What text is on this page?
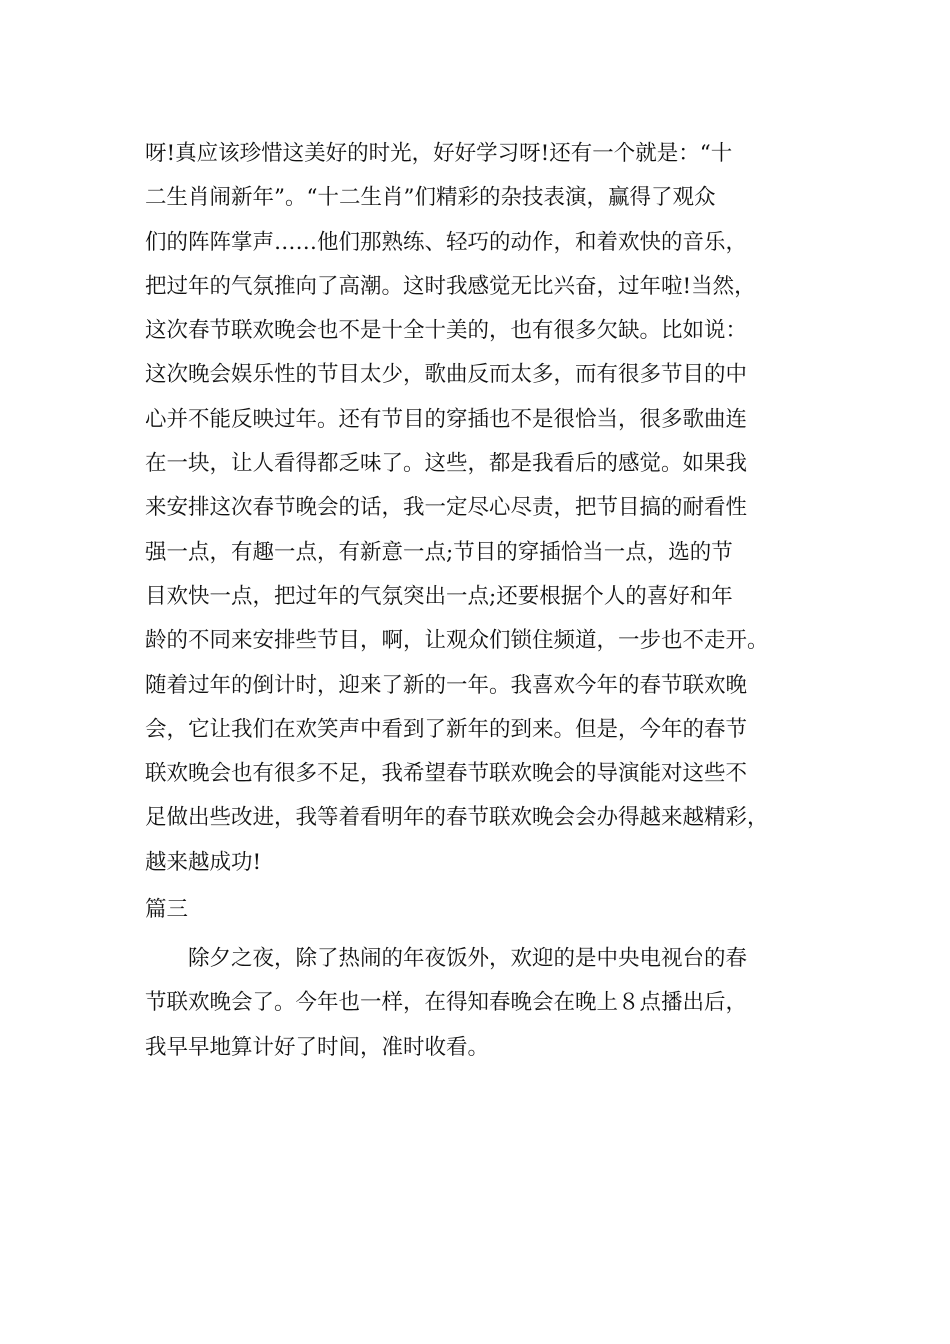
呀!真应该珍惜这美好的时光，好好学习呀!还有一个就是：“十
二生肖闹新年”。“十二生肖”们精彩的杂技表演，赢得了观众
们的阵阵掌声……他们那熟练、轻巧的动作，和着欢快的音乐，
把过年的气氛推向了高潮。这时我感觉无比兴奋，过年啦!当然，
这次春节联欢晚会也不是十全十美的，也有很多欠缺。比如说：
这次晚会娱乐性的节目太少，歌曲反而太多，而有很多节目的中
心并不能反映过年。还有节目的穿插也不是很恰当，很多歌曲连
在一块，让人看得都乏味了。这些，都是我看后的感觉。如果我
来安排这次春节晚会的话，我一定尽心尽责，把节目搞的耐看性
强一点，有趣一点，有新意一点;节目的穿插恰当一点，选的节
目欢快一点，把过年的气氛突出一点;还要根据个人的喜好和年
龄的不同来安排些节目，啊，让观众们锁住频道，一步也不走开。
随着过年的倒计时，迎来了新的一年。我喜欢今年的春节联欢晚
会，它让我们在欢笑声中看到了新年的到来。但是，今年的春节
联欢晚会也有很多不足，我希望春节联欢晚会的导演能对这些不
足做出些改进，我等着看明年的春节联欢晚会会办得越来越精彩，
越来越成功!
篇三
　　除夕之夜，除了热闹的年夜饭外，欢迎的是中央电视台的春
节联欢晚会了。今年也一样，在得知春晚会在晚上８点播出后，
我早早地算计好了时间，准时收看。
